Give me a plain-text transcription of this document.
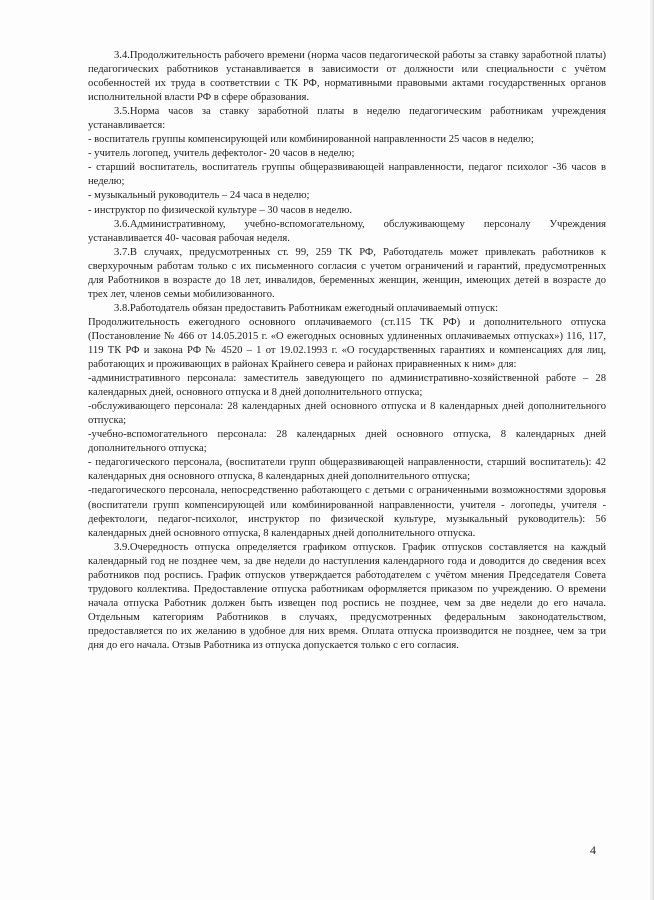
3.4.Продолжительность рабочего времени (норма часов педагогической работы за ставку заработной платы) педагогических работников устанавливается в зависимости от должности или специальности с учётом особенностей их труда в соответствии с ТК РФ, нормативными правовыми актами государственных органов исполнительной власти РФ в сфере образования.

3.5.Норма часов за ставку заработной платы в неделю педагогическим работникам учреждения устанавливается:

- воспитатель группы компенсирующей или комбинированной направленности 25 часов в неделю;

- учитель логопед, учитель дефектолог- 20 часов в неделю;

- старший воспитатель, воспитатель группы общеразвивающей направленности, педагог психолог -36 часов в неделю;

- музыкальный руководитель – 24 часа в неделю;

- инструктор по физической культуре – 30 часов в неделю.

3.6.Административному, учебно-вспомогательному, обслуживающему персоналу Учреждения устанавливается 40- часовая рабочая неделя.

3.7.В случаях, предусмотренных ст. 99, 259 ТК РФ, Работодатель может привлекать работников к сверхурочным работам только с их письменного согласия с учетом ограничений и гарантий, предусмотренных для Работников в возрасте до 18 лет, инвалидов, беременных женщин, женщин, имеющих детей в возрасте до трех лет, членов семьи мобилизованного.

3.8.Работодатель обязан предоставить Работникам ежегодный оплачиваемый отпуск:

Продолжительность ежегодного основного оплачиваемого (ст.115 ТК РФ) и дополнительного отпуска (Постановление № 466 от 14.05.2015 г. «О ежегодных основных удлиненных оплачиваемых отпусках») 116, 117, 119 ТК РФ и закона РФ № 4520 – 1 от 19.02.1993 г. «О государственных гарантиях и компенсациях для лиц, работающих и проживающих в районах Крайнего севера и районах приравненных к ним» для:

-административного персонала: заместитель заведующего по административно-хозяйственной работе – 28 календарных дней, основного отпуска и 8 дней дополнительного отпуска;

-обслуживающего персонала: 28 календарных дней основного отпуска и 8 календарных дней дополнительного отпуска;

-учебно-вспомогательного персонала: 28 календарных дней основного отпуска, 8 календарных дней дополнительного отпуска;

- педагогического персонала, (воспитатели групп общеразвивающей направленности, старший воспитатель): 42 календарных дня основного отпуска, 8 календарных дней дополнительного отпуска;

-педагогического персонала, непосредственно работающего с детьми с ограниченными возможностями здоровья (воспитатели групп компенсирующей или комбинированной направленности, учителя - логопеды, учителя - дефектологи, педагог-психолог, инструктор по физической культуре, музыкальный руководитель): 56 календарных дней основного отпуска, 8 календарных дней дополнительного отпуска.

3.9.Очередность отпуска определяется графиком отпусков. График отпусков составляется на каждый календарный год не позднее чем, за две недели до наступления календарного года и доводится до сведения всех работников под роспись. График отпусков утверждается работодателем с учётом мнения Председателя Совета трудового коллектива. Предоставление отпуска работникам оформляется приказом по учреждению. О времени начала отпуска Работник должен быть извещен под роспись не позднее, чем за две недели до его начала. Отдельным категориям Работников в случаях, предусмотренных федеральным законодательством, предоставляется по их желанию в удобное для них время. Оплата отпуска производится не позднее, чем за три дня до его начала. Отзыв Работника из отпуска допускается только с его согласия.

4
